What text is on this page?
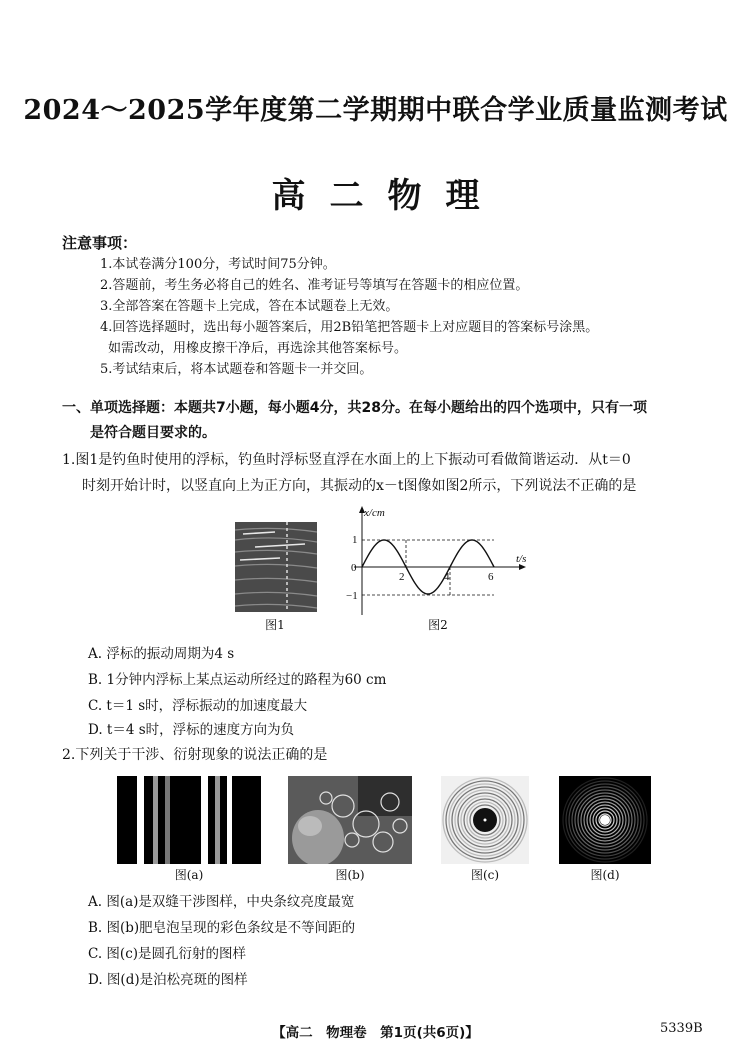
2024～2025学年度第二学期期中联合学业质量监测考试
高二物理
注意事项：
1.本试卷满分100分，考试时间75分钟。
2.答题前，考生务必将自己的姓名、准考证号等填写在答题卡的相应位置。
3.全部答案在答题卡上完成，答在本试题卷上无效。
4.回答选择题时，选出每小题答案后，用2B铅笔把答题卡上对应题目的答案标号涂黑。
如需改动，用橡皮擦干净后，再选涂其他答案标号。
5.考试结束后，将本试题卷和答题卡一并交回。
一、单项选择题：本题共7小题，每小题4分，共28分。在每小题给出的四个选项中，只有一项
是符合题目要求的。
1.图1是钓鱼时使用的浮标，钓鱼时浮标竖直浮在水面上的上下振动可看做简谐运动．从t＝0
时刻开始计时，以竖直向上为正方向，其振动的x－t图像如图2所示，下列说法不正确的是
图1
x/cm
t/s
0
1
−1
2	4	6
图2
A. 浮标的振动周期为4 s
B. 1分钟内浮标上某点运动所经过的路程为60 cm
C. t＝1 s时，浮标振动的加速度最大
D. t＝4 s时，浮标的速度方向为负
2.下列关于干涉、衍射现象的说法正确的是
图(a)	图(b)	图(c)	图(d)
A. 图(a)是双缝干涉图样，中央条纹亮度最宽
B. 图(b)肥皂泡呈现的彩色条纹是不等间距的
C. 图(c)是圆孔衍射的图样
D. 图(d)是泊松亮斑的图样
【高二　物理卷　第1页(共6页)】	5339B
